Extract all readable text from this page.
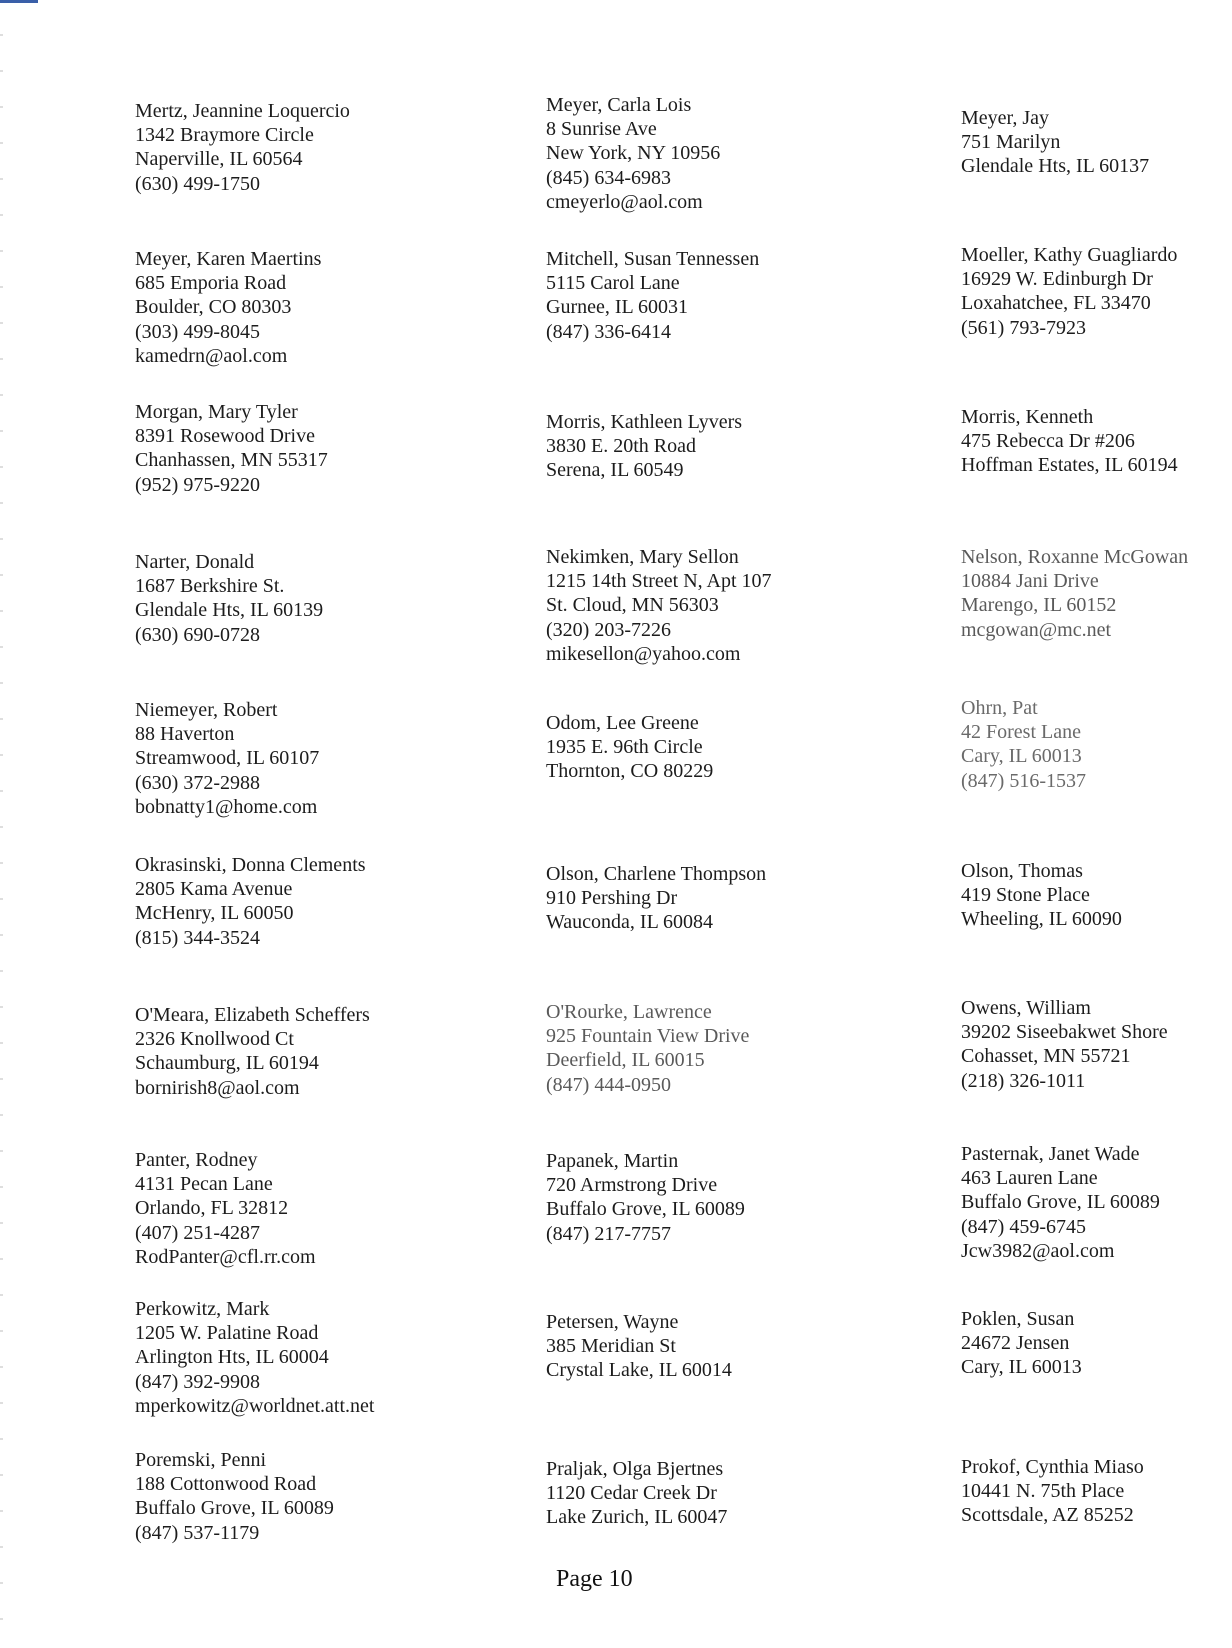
Mertz, Jeannine Loquercio
1342 Braymore Circle
Naperville, IL 60564
(630) 499-1750
Meyer, Carla Lois
8 Sunrise Ave
New York, NY 10956
(845) 634-6983
cmeyerlo@aol.com
Meyer, Jay
751 Marilyn
Glendale Hts, IL 60137
Meyer, Karen Maertins
685 Emporia Road
Boulder, CO 80303
(303) 499-8045
kamedrn@aol.com
Mitchell, Susan Tennessen
5115 Carol Lane
Gurnee, IL 60031
(847) 336-6414
Moeller, Kathy Guagliardo
16929 W. Edinburgh Dr
Loxahatchee, FL 33470
(561) 793-7923
Morgan, Mary Tyler
8391 Rosewood Drive
Chanhassen, MN 55317
(952) 975-9220
Morris, Kathleen Lyvers
3830 E. 20th Road
Serena, IL 60549
Morris, Kenneth
475 Rebecca Dr #206
Hoffman Estates, IL 60194
Narter, Donald
1687 Berkshire St.
Glendale Hts, IL 60139
(630) 690-0728
Nekimken, Mary Sellon
1215 14th Street N, Apt 107
St. Cloud, MN 56303
(320) 203-7226
mikesellon@yahoo.com
Nelson, Roxanne McGowan
10884 Jani Drive
Marengo, IL 60152
mcgowan@mc.net
Niemeyer, Robert
88 Haverton
Streamwood, IL 60107
(630) 372-2988
bobnatty1@home.com
Odom, Lee Greene
1935 E. 96th Circle
Thornton, CO 80229
Ohrn, Pat
42 Forest Lane
Cary, IL 60013
(847) 516-1537
Okrasinski, Donna Clements
2805 Kama Avenue
McHenry, IL 60050
(815) 344-3524
Olson, Charlene Thompson
910 Pershing Dr
Wauconda, IL 60084
Olson, Thomas
419 Stone Place
Wheeling, IL 60090
O'Meara, Elizabeth Scheffers
2326 Knollwood Ct
Schaumburg, IL 60194
bornirish8@aol.com
O'Rourke, Lawrence
925 Fountain View Drive
Deerfield, IL 60015
(847) 444-0950
Owens, William
39202 Siseebakwet Shore
Cohasset, MN 55721
(218) 326-1011
Panter, Rodney
4131 Pecan Lane
Orlando, FL 32812
(407) 251-4287
RodPanter@cfl.rr.com
Papanek, Martin
720 Armstrong Drive
Buffalo Grove, IL 60089
(847) 217-7757
Pasternak, Janet Wade
463 Lauren Lane
Buffalo Grove, IL 60089
(847) 459-6745
Jcw3982@aol.com
Perkowitz, Mark
1205 W. Palatine Road
Arlington Hts, IL 60004
(847) 392-9908
mperkowitz@worldnet.att.net
Petersen, Wayne
385 Meridian St
Crystal Lake, IL 60014
Poklen, Susan
24672 Jensen
Cary, IL 60013
Poremski, Penni
188 Cottonwood Road
Buffalo Grove, IL 60089
(847) 537-1179
Praljak, Olga Bjertnes
1120 Cedar Creek Dr
Lake Zurich, IL 60047
Prokof, Cynthia Miaso
10441 N. 75th Place
Scottsdale, AZ 85252
Page 10
